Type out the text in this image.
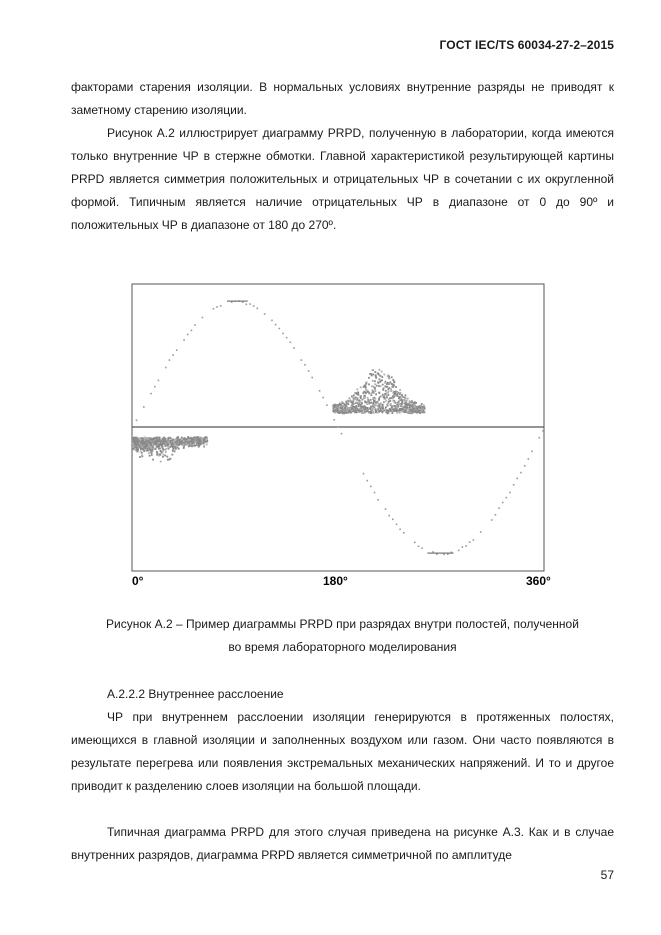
ГОСТ IEC/TS 60034-27-2–2015
факторами старения изоляции. В нормальных условиях внутренние разряды не приводят к заметному старению изоляции.
Рисунок А.2 иллюстрирует диаграмму PRPD, полученную в лаборатории, когда имеются только внутренние ЧР в стержне обмотки. Главной характеристикой результирующей картины PRPD является симметрия положительных и отрицательных ЧР в сочетании с их округленной формой. Типичным является наличие отрицательных ЧР в диапазоне от 0 до 90º и положительных ЧР в диапазоне от 180 до 270º.
0°	180°	360°
Рисунок А.2 – Пример диаграммы PRPD при разрядах внутри полостей, полученной
во время лабораторного моделирования
А.2.2.2 Внутреннее расслоение
ЧР при внутреннем расслоении изоляции генерируются в протяженных полостях, имеющихся в главной изоляции и заполненных воздухом или газом. Они часто появляются в результате перегрева или появления экстремальных механических напряжений. И то и другое приводит к разделению слоев изоляции на большой площади.
Типичная диаграмма PRPD для этого случая приведена на рисунке А.3. Как и в случае внутренних разрядов, диаграмма PRPD является симметричной по амплитуде
57
